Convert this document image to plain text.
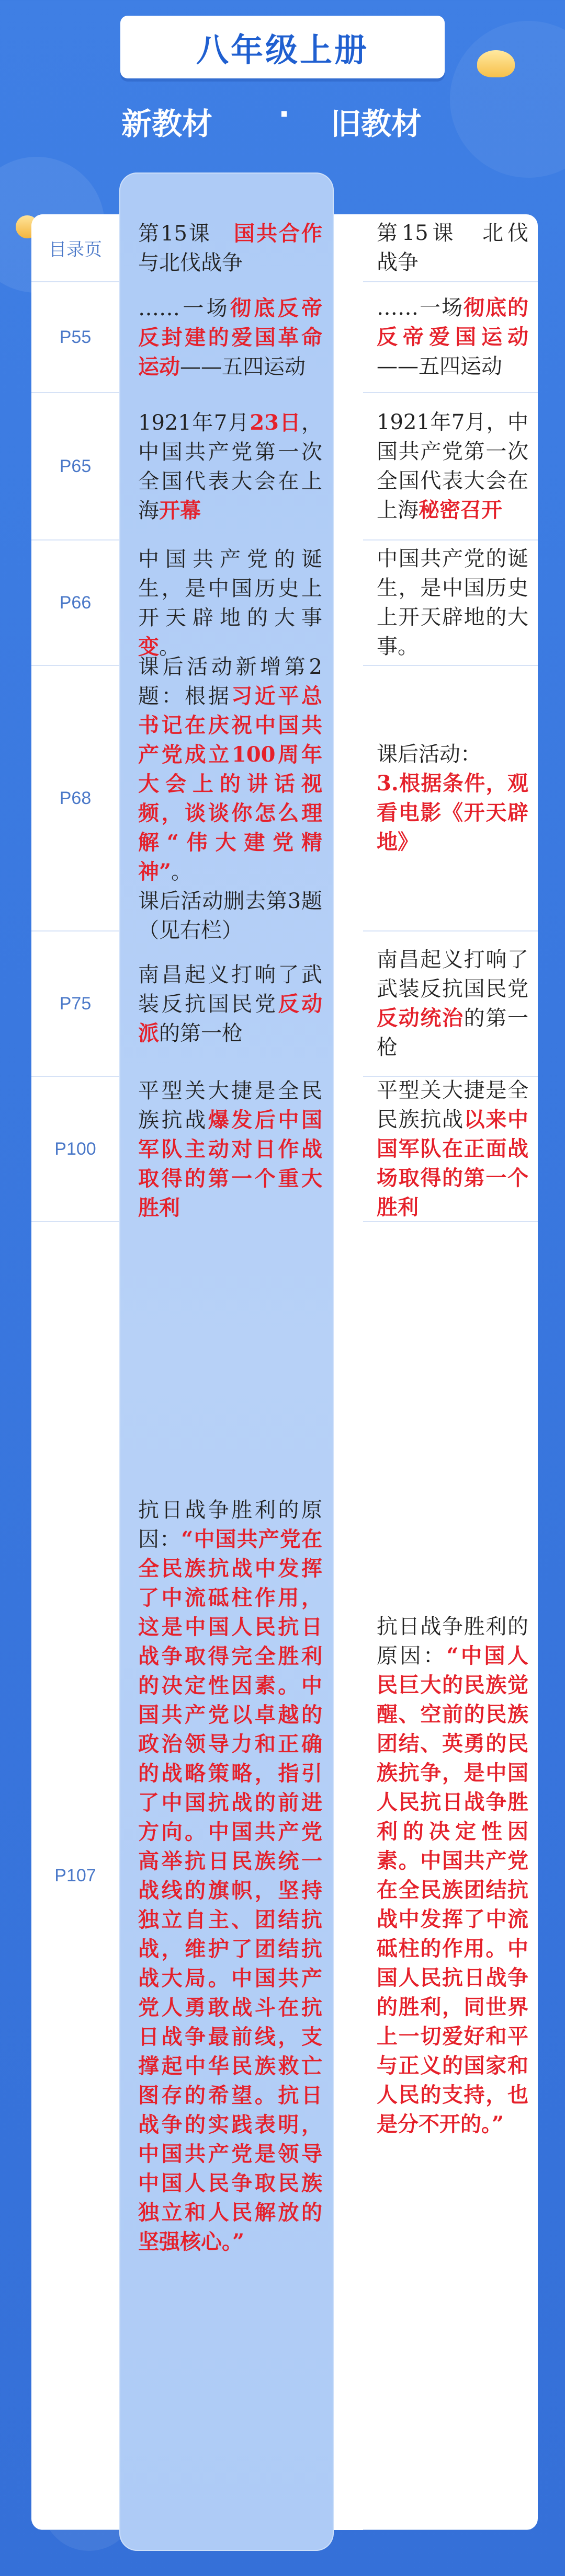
八年级上册
新教材 · 旧教材
目录页
第15课　北伐战争
P55
……一场彻底的反帝爱国运动——五四运动
P65
1921年7月，中国共产党第一次全国代表大会在上海秘密召开
P66
中国共产党的诞生，是中国历史上开天辟地的大事。
P68
课后活动：
3.根据条件，观看电影《开天辟地》
P75
南昌起义打响了武装反抗国民党反动统治的第一枪
P100
平型关大捷是全民族抗战以来中国军队在正面战场取得的第一个胜利
P107
抗日战争胜利的原因：“中国人民巨大的民族觉醒、空前的民族团结、英勇的民族抗争，是中国人民抗日战争胜利的决定性因素。中国共产党在全民族团结抗战中发挥了中流砥柱的作用。中国人民抗日战争的胜利，同世界上一切爱好和平与正义的国家和人民的支持，也是分不开的。”
第15课　国共合作与北伐战争
……一场彻底反帝反封建的爱国革命运动——五四运动
1921年7月23日，中国共产党第一次全国代表大会在上海开幕
中国共产党的诞生，是中国历史上开天辟地的大事变。
课后活动新增第2题：根据习近平总书记在庆祝中国共产党成立100周年大会上的讲话视频，谈谈你怎么理解“伟大建党精神”。
课后活动删去第3题（见右栏）
南昌起义打响了武装反抗国民党反动派的第一枪
平型关大捷是全民族抗战爆发后中国军队主动对日作战取得的第一个重大胜利
抗日战争胜利的原因：“中国共产党在全民族抗战中发挥了中流砥柱作用，这是中国人民抗日战争取得完全胜利的决定性因素。中国共产党以卓越的政治领导力和正确的战略策略，指引了中国抗战的前进方向。中国共产党高举抗日民族统一战线的旗帜，坚持独立自主、团结抗战，维护了团结抗战大局。中国共产党人勇敢战斗在抗日战争最前线，支撑起中华民族救亡图存的希望。抗日战争的实践表明，中国共产党是领导中国人民争取民族独立和人民解放的坚强核心。”
